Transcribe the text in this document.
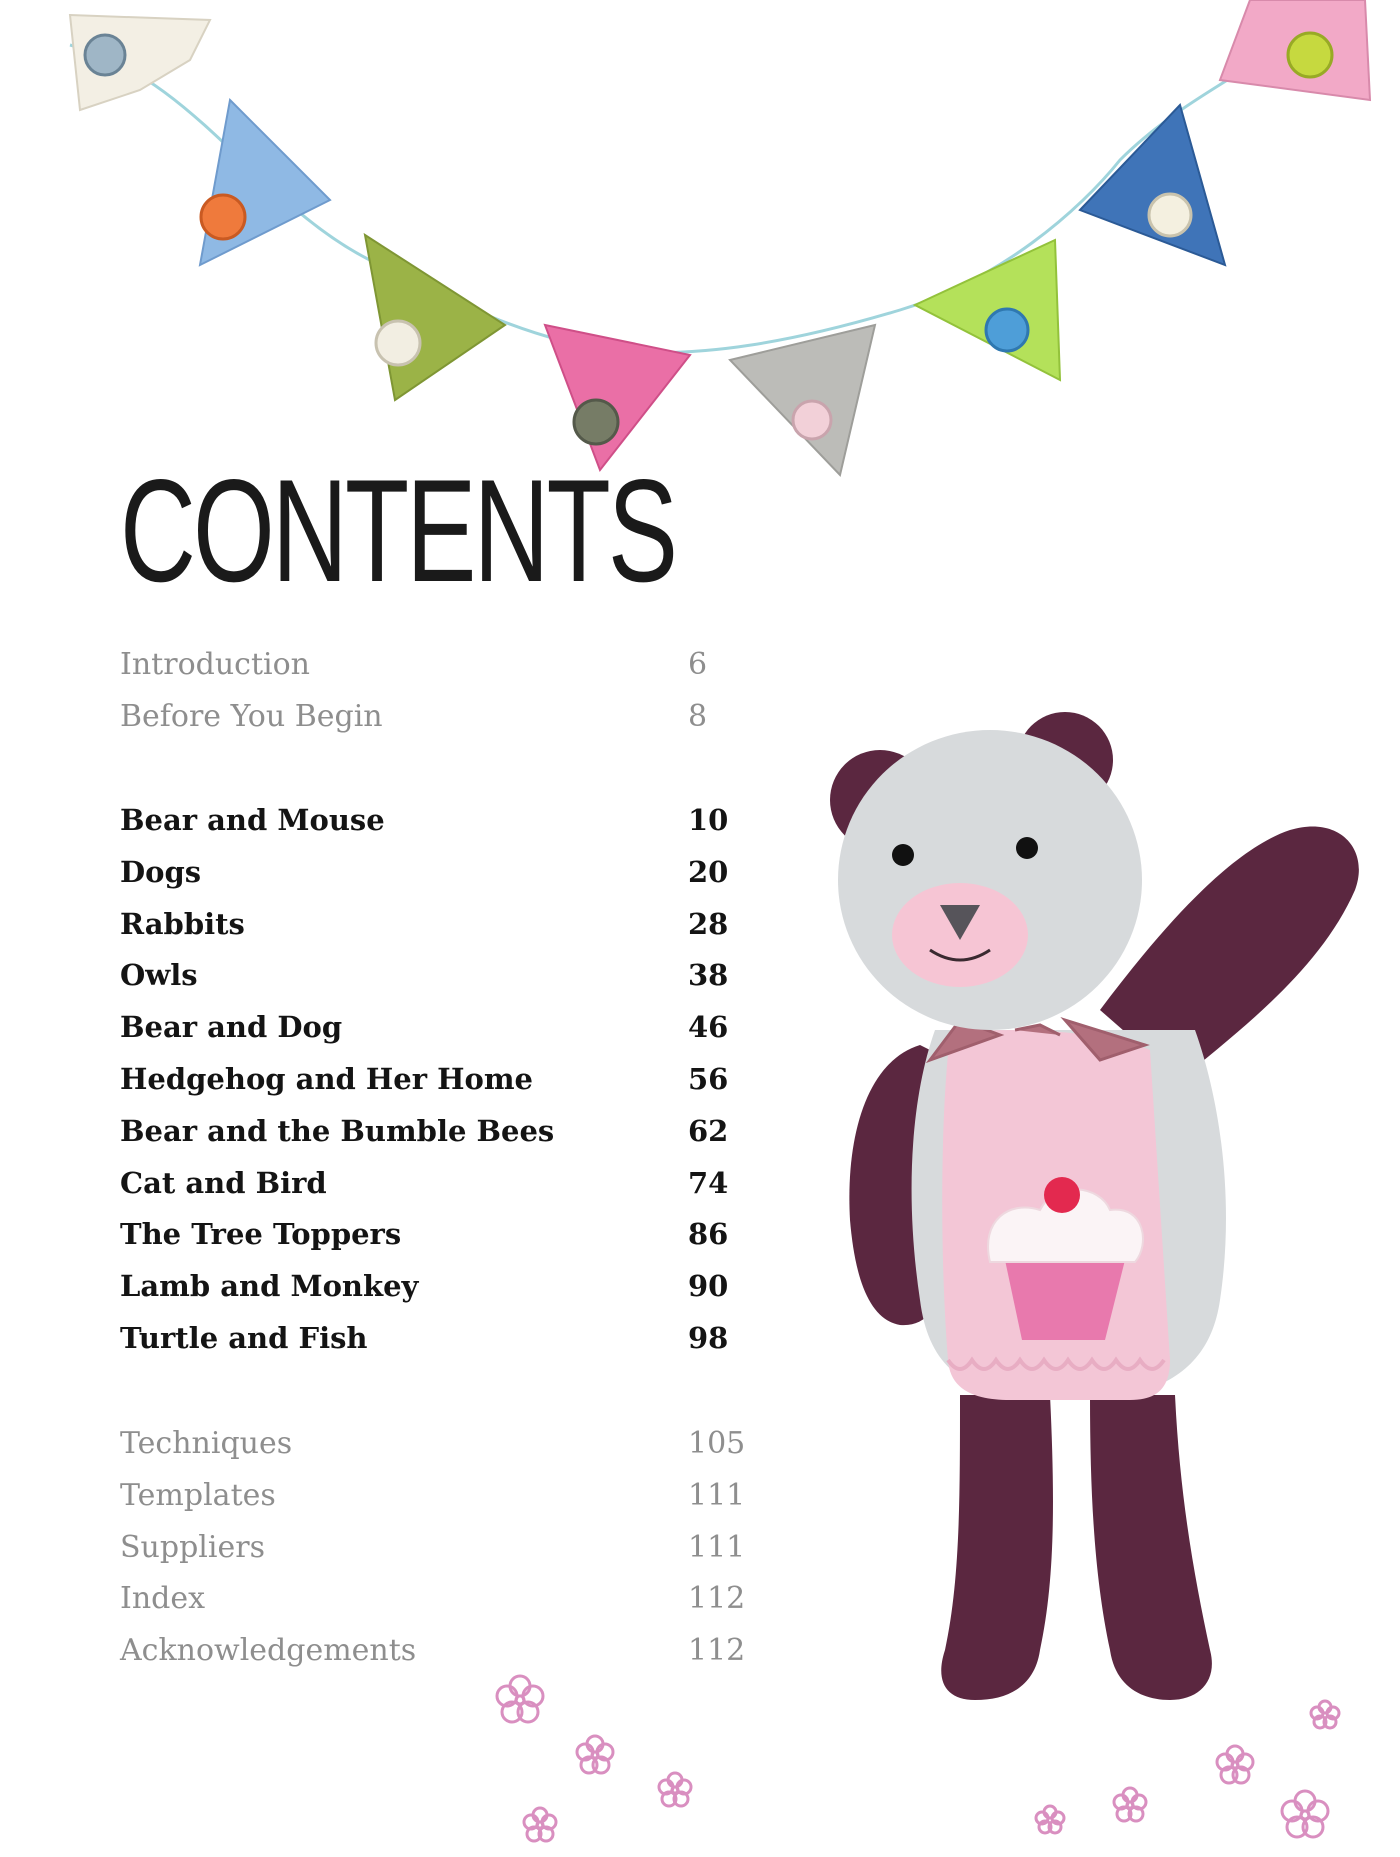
CONTENTS
Introduction	6
Before You Begin	8
Bear and Mouse	10
Dogs	20
Rabbits	28
Owls	38
Bear and Dog	46
Hedgehog and Her Home	56
Bear and the Bumble Bees	62
Cat and Bird	74
The Tree Toppers	86
Lamb and Monkey	90
Turtle and Fish	98
Techniques	105
Templates	111
Suppliers	111
Index	112
Acknowledgements	112
